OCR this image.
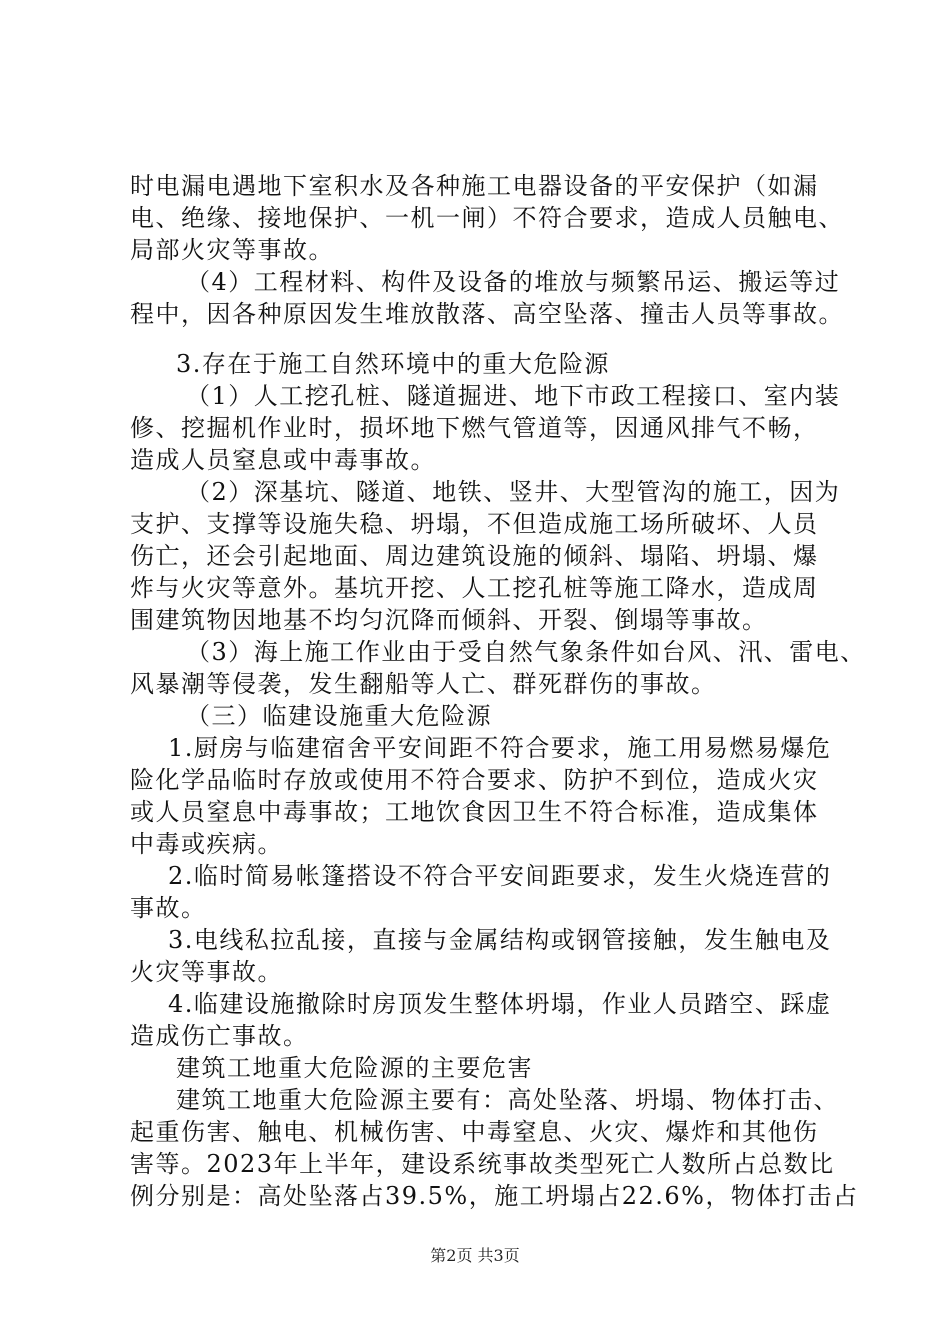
时电漏电遇地下室积水及各种施工电器设备的平安保护（如漏
电、绝缘、接地保护、一机一闸）不符合要求，造成人员触电、
局部火灾等事故。
（4）工程材料、构件及设备的堆放与频繁吊运、搬运等过
程中，因各种原因发生堆放散落、高空坠落、撞击人员等事故。
3.存在于施工自然环境中的重大危险源
（1）人工挖孔桩、隧道掘进、地下市政工程接口、室内装
修、挖掘机作业时，损坏地下燃气管道等，因通风排气不畅，
造成人员窒息或中毒事故。
（2）深基坑、隧道、地铁、竖井、大型管沟的施工，因为
支护、支撑等设施失稳、坍塌，不但造成施工场所破坏、人员
伤亡，还会引起地面、周边建筑设施的倾斜、塌陷、坍塌、爆
炸与火灾等意外。基坑开挖、人工挖孔桩等施工降水，造成周
围建筑物因地基不均匀沉降而倾斜、开裂、倒塌等事故。
（3）海上施工作业由于受自然气象条件如台风、汛、雷电、
风暴潮等侵袭，发生翻船等人亡、群死群伤的事故。
（三）临建设施重大危险源
1.厨房与临建宿舍平安间距不符合要求，施工用易燃易爆危
险化学品临时存放或使用不符合要求、防护不到位，造成火灾
或人员窒息中毒事故；工地饮食因卫生不符合标准，造成集体
中毒或疾病。
2.临时简易帐篷搭设不符合平安间距要求，发生火烧连营的
事故。
3.电线私拉乱接，直接与金属结构或钢管接触，发生触电及
火灾等事故。
4.临建设施撤除时房顶发生整体坍塌，作业人员踏空、踩虚
造成伤亡事故。
建筑工地重大危险源的主要危害
建筑工地重大危险源主要有：高处坠落、坍塌、物体打击、
起重伤害、触电、机械伤害、中毒窒息、火灾、爆炸和其他伤
害等。2023年上半年，建设系统事故类型死亡人数所占总数比
例分别是：高处坠落占39.5%，施工坍塌占22.6%，物体打击占
第2页 共3页
